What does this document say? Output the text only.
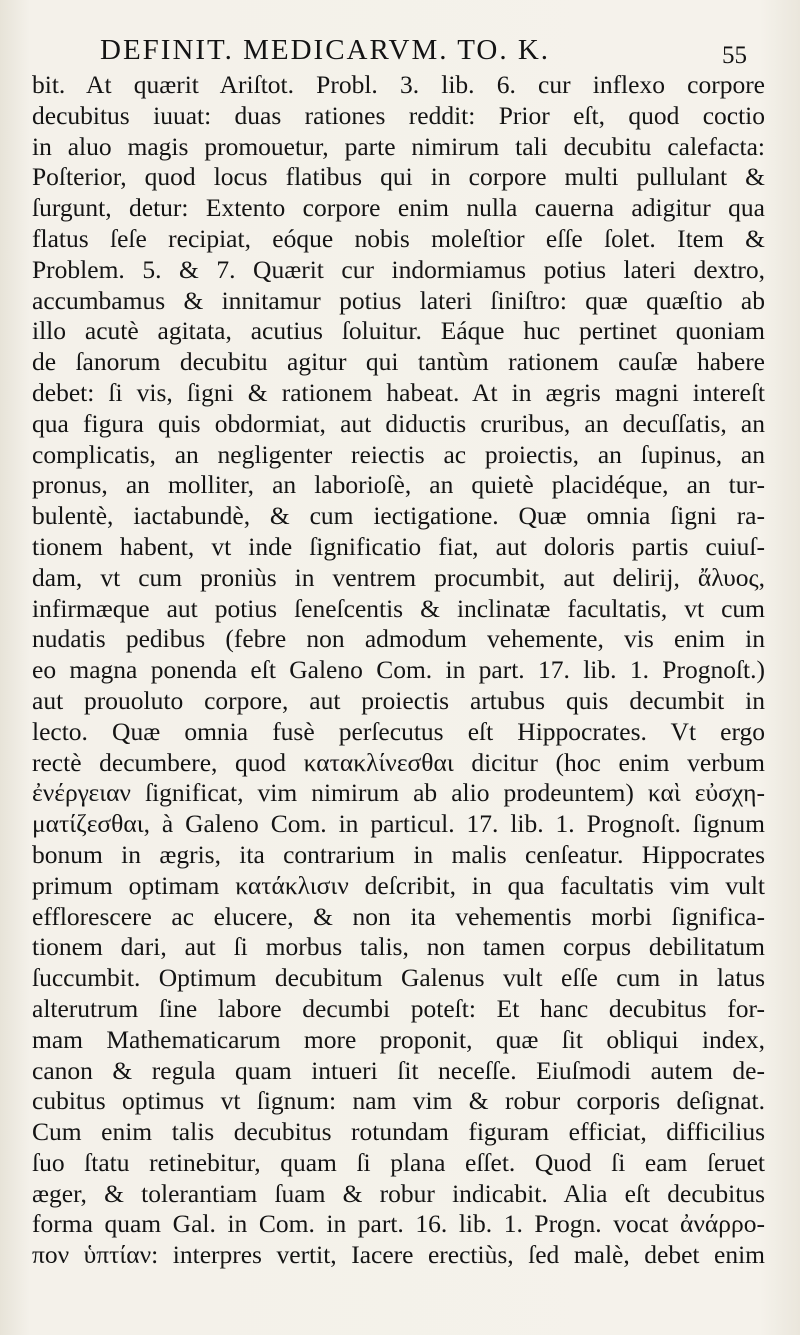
DEFINIT. MEDICARVM. TO. K.	55
bit. At quærit Ariſtot. Probl. 3. lib. 6. cur inflexo corpore
decubitus iuuat: duas rationes reddit: Prior eſt, quod coctio
in aluo magis promouetur, parte nimirum tali decubitu calefacta:
Poſterior, quod locus flatibus qui in corpore multi pullulant &
ſurgunt, detur: Extento corpore enim nulla cauerna adigitur qua
flatus ſeſe recipiat, eóque nobis moleſtior eſſe ſolet. Item &
Problem. 5. & 7. Quærit cur indormiamus potius lateri dextro,
accumbamus & innitamur potius lateri ſiniſtro: quæ quæſtio ab
illo acutè agitata, acutius ſoluitur. Eáque huc pertinet quoniam
de ſanorum decubitu agitur qui tantùm rationem cauſæ habere
debet: ſi vis, ſigni & rationem habeat. At in ægris magni intereſt
qua figura quis obdormiat, aut diductis cruribus, an decuſſatis, an
complicatis, an negligenter reiectis ac proiectis, an ſupinus, an
pronus, an molliter, an laborioſè, an quietè placidéque, an tur-
bulentè, iactabundè, & cum iectigatione. Quæ omnia ſigni ra-
tionem habent, vt inde ſignificatio fiat, aut doloris partis cuiuſ-
dam, vt cum proniùs in ventrem procumbit, aut delirij, ἄλυος,
infirmæque aut potius ſeneſcentis & inclinatæ facultatis, vt cum
nudatis pedibus (febre non admodum vehemente, vis enim in
eo magna ponenda eſt Galeno Com. in part. 17. lib. 1. Prognoſt.)
aut prouoluto corpore, aut proiectis artubus quis decumbit in
lecto. Quæ omnia fusè perſecutus eſt Hippocrates. Vt ergo
rectè decumbere, quod κατακλίνεσθαι dicitur (hoc enim verbum
ἐνέργειαν ſignificat, vim nimirum ab alio prodeuntem) καὶ εὐσχη-
ματίζεσθαι, à Galeno Com. in particul. 17. lib. 1. Prognoſt. ſignum
bonum in ægris, ita contrarium in malis cenſeatur. Hippocrates
primum optimam κατάκλισιν deſcribit, in qua facultatis vim vult
efflorescere ac elucere, & non ita vehementis morbi ſignifica-
tionem dari, aut ſi morbus talis, non tamen corpus debilitatum
ſuccumbit. Optimum decubitum Galenus vult eſſe cum in latus
alterutrum ſine labore decumbi poteſt: Et hanc decubitus for-
mam Mathematicarum more proponit, quæ ſit obliqui index,
canon & regula quam intueri ſit neceſſe. Eiuſmodi autem de-
cubitus optimus vt ſignum: nam vim & robur corporis deſignat.
Cum enim talis decubitus rotundam figuram efficiat, difficilius
ſuo ſtatu retinebitur, quam ſi plana eſſet. Quod ſi eam ſeruet
æger, & tolerantiam ſuam & robur indicabit. Alia eſt decubitus
forma quam Gal. in Com. in part. 16. lib. 1. Progn. vocat ἀνάρρο-
πον ὑπτίαν: interpres vertit, Iacere erectiùs, ſed malè, debet enim
